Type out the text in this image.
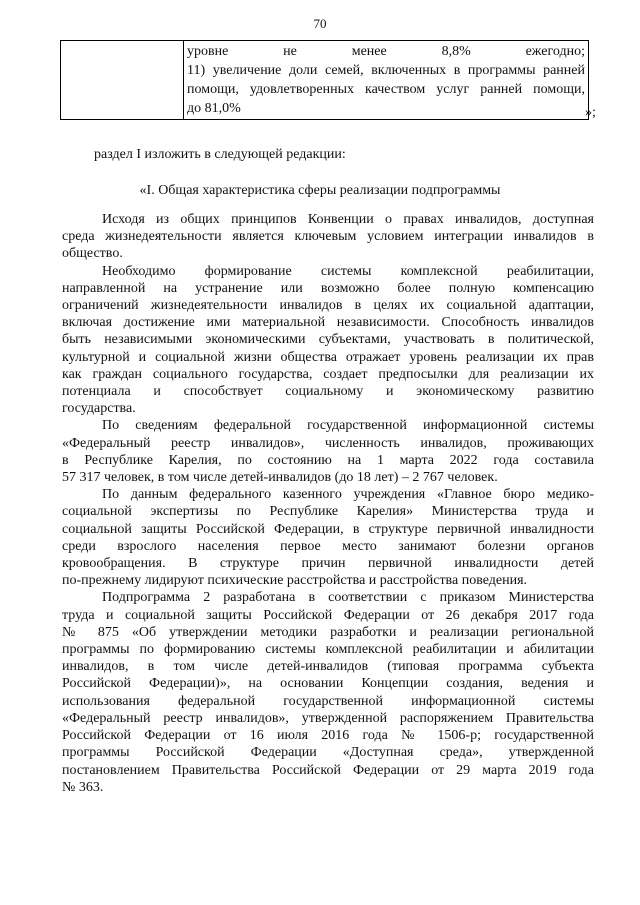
70

уровне не менее 8,8% ежегодно;
11) увеличение доли семей, включенных в программы ранней
помощи, удовлетворенных качеством услуг ранней помощи,
до 81,0%	»;
раздел I изложить в следующей редакции:
«I. Общая характеристика сферы реализации подпрограммы
Исходя из общих принципов Конвенции о правах инвалидов, доступная
среда жизнедеятельности является ключевым условием интеграции инвалидов в
общество.
Необходимо формирование системы комплексной реабилитации,
направленной на устранение или возможно более полную компенсацию
ограничений жизнедеятельности инвалидов в целях их социальной адаптации,
включая достижение ими материальной независимости. Способность инвалидов
быть независимыми экономическими субъектами, участвовать в политической,
культурной и социальной жизни общества отражает уровень реализации их прав
как граждан социального государства, создает предпосылки для реализации их
потенциала и способствует социальному и экономическому развитию
государства.
По сведениям федеральной государственной информационной системы
«Федеральный реестр инвалидов», численность инвалидов, проживающих
в Республике Карелия, по состоянию на 1 марта 2022 года составила
57 317 человек, в том числе детей-инвалидов (до 18 лет) – 2 767 человек.
По данным федерального казенного учреждения «Главное бюро медико-
социальной экспертизы по Республике Карелия» Министерства труда и
социальной защиты Российской Федерации, в структуре первичной инвалидности
среди взрослого населения первое место занимают болезни органов
кровообращения. В структуре причин первичной инвалидности детей
по-прежнему лидируют психические расстройства и расстройства поведения.
Подпрограмма 2 разработана в соответствии с приказом Министерства
труда и социальной защиты Российской Федерации от 26 декабря 2017 года
№ 875 «Об утверждении методики разработки и реализации региональной
программы по формированию системы комплексной реабилитации и абилитации
инвалидов, в том числе детей-инвалидов (типовая программа субъекта
Российской Федерации)», на основании Концепции создания, ведения и
использования федеральной государственной информационной системы
«Федеральный реестр инвалидов», утвержденной распоряжением Правительства
Российской Федерации от 16 июля 2016 года № 1506-р; государственной
программы Российской Федерации «Доступная среда», утвержденной
постановлением Правительства Российской Федерации от 29 марта 2019 года
№ 363.
